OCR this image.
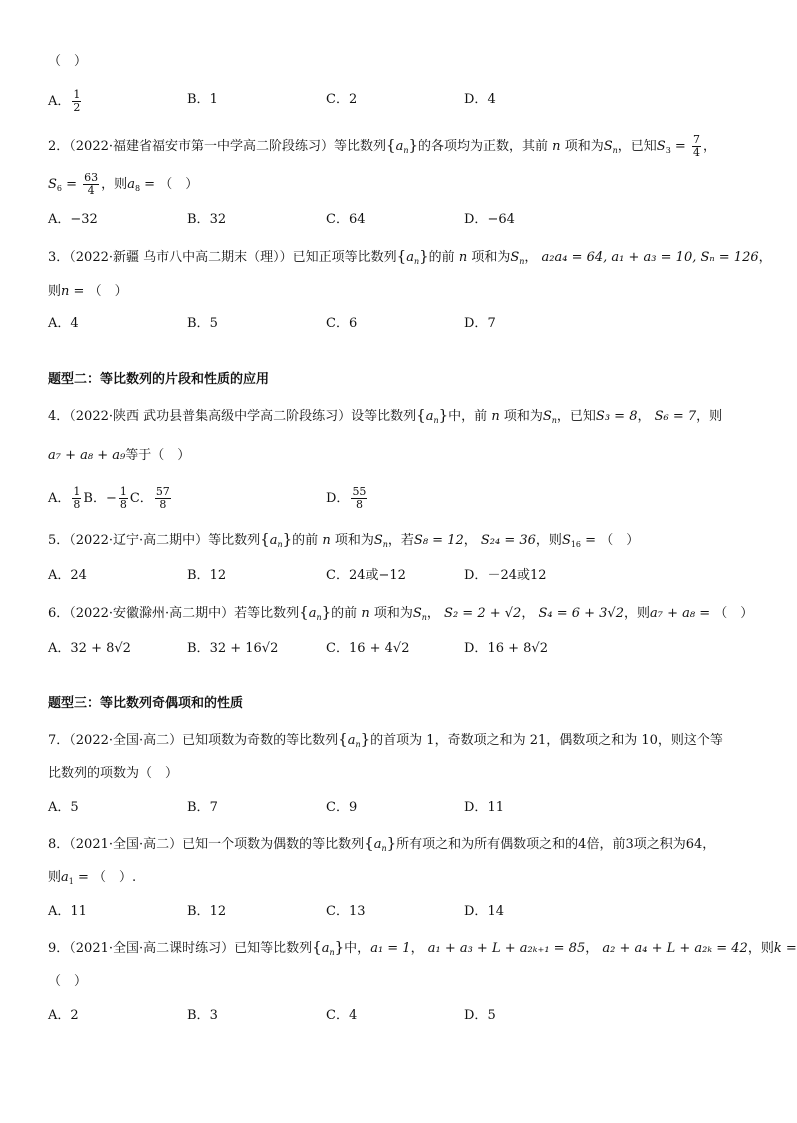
（　）
A． $\frac{1}{2}$	B．1	C．2	D．4
2．（2022·福建省福安市第一中学高二阶段练习）等比数列$\{a_n\}$的各项均为正数，其前 n 项和为$S_n$，已知$S_3 = \frac{7}{4}$ ，
$S_6 = \frac{63}{4}$ ，则$a_8$ = （　）
A．−32	B．32	C．64	D．−64
3．（2022·新疆 乌市八中高二期末（理））已知正项等比数列$\{a_n\}$的前 n 项和为$S_n$， a₂a₄ = 64, a₁ + a₃ = 10, Sₙ = 126，
则n = （　）
A．4	B．5	C．6	D．7
题型二：等比数列的片段和性质的应用
4．（2022·陕西 武功县普集高级中学高二阶段练习）设等比数列$\{a_n\}$中，前 n 项和为$S_n$，已知S₃ = 8， S₆ = 7，则
a₇ + a₈ + a₉等于（　）
A． $\frac{1}{8}$ B．− $\frac{1}{8}$ C． $\frac{57}{8}$	D． $\frac{55}{8}$
5．（2022·辽宁·高二期中）等比数列$\{a_n\}$的前 n 项和为$S_n$，若S₈ = 12， S₂₄ = 36，则$S_{16}$ = （　）
A．24	B．12	C．24或−12	D．－24或12
6．（2022·安徽滁州·高二期中）若等比数列$\{a_n\}$的前 n 项和为$S_n$， S₂ = 2 + √2， S₄ = 6 + 3√2，则a₇ + a₈ = （　）
A．32 + 8√2	B．32 + 16√2	C．16 + 4√2	D．16 + 8√2
题型三：等比数列奇偶项和的性质
7．（2022·全国·高二）已知项数为奇数的等比数列$\{a_n\}$的首项为 1，奇数项之和为 21，偶数项之和为 10，则这个等
比数列的项数为（　）
A．5	B．7	C．9	D．11
8．（2021·全国·高二）已知一个项数为偶数的等比数列$\{a_n\}$所有项之和为所有偶数项之和的4倍，前3项之积为64，
则$a_1$ = （　）.
A．11	B．12	C．13	D．14
9．（2021·全国·高二课时练习）已知等比数列$\{a_n\}$中，a₁ = 1， a₁ + a₃ + L + a₂ₖ₊₁ = 85， a₂ + a₄ + L + a₂ₖ = 42，则k =
（　）
A．2	B．3	C．4	D．5
